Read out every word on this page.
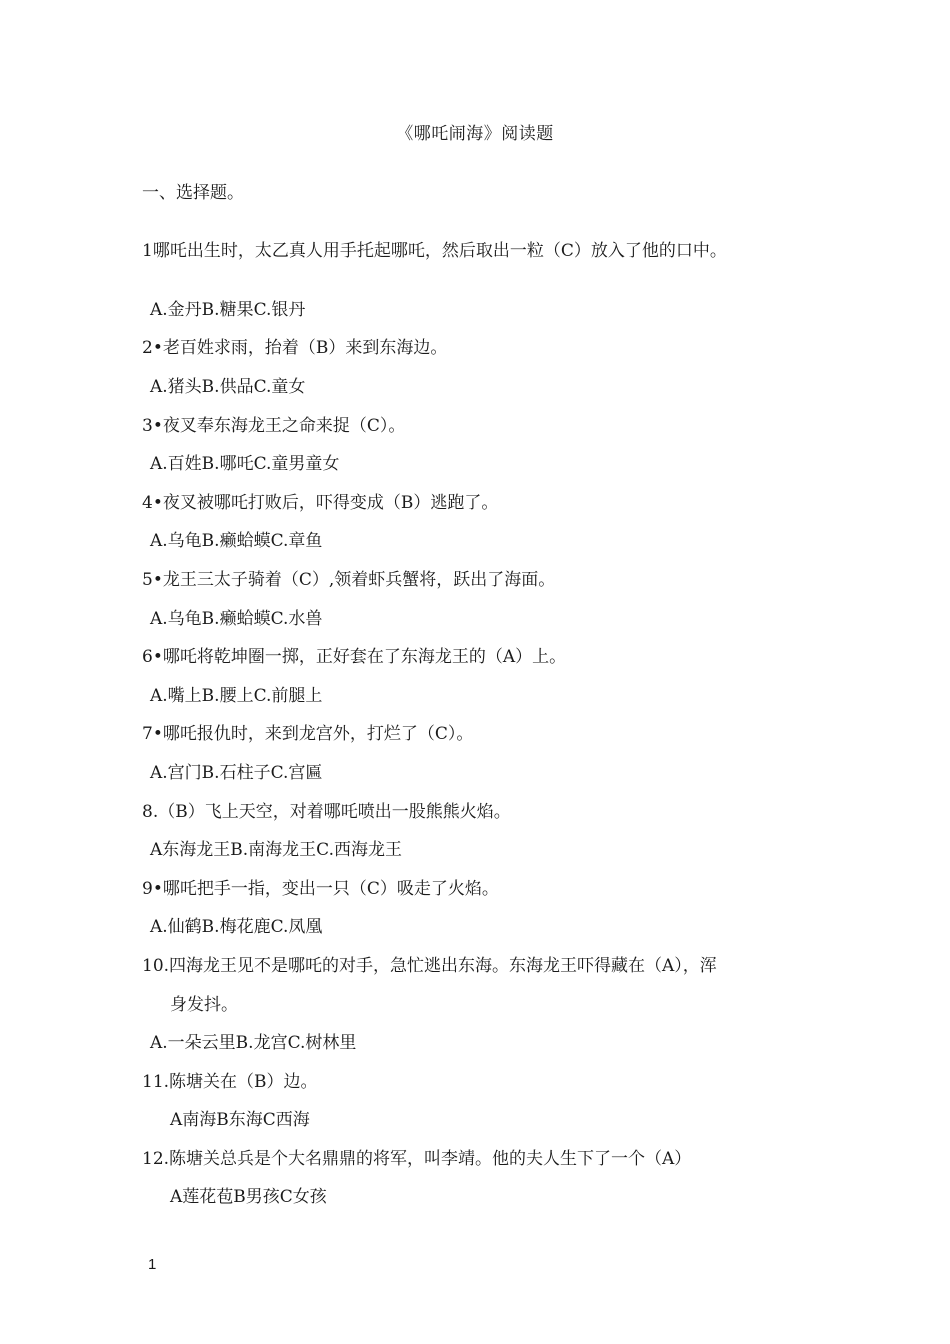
《哪吒闹海》阅读题
一、选择题。
1哪吒出生时，太乙真人用手托起哪吒，然后取出一粒（C）放入了他的口中。
A.金丹B.糖果C.银丹
2•老百姓求雨，抬着（B）来到东海边。
A.猪头B.供品C.童女
3•夜叉奉东海龙王之命来捉（C）。
A.百姓B.哪吒C.童男童女
4•夜叉被哪吒打败后，吓得变成（B）逃跑了。
A.乌龟B.癞蛤蟆C.章鱼
5•龙王三太子骑着（C）,领着虾兵蟹将，跃出了海面。
A.乌龟B.癞蛤蟆C.水兽
6•哪吒将乾坤圈一掷，正好套在了东海龙王的（A）上。
A.嘴上B.腰上C.前腿上
7•哪吒报仇时，来到龙宫外，打烂了（C）。
A.宫门B.石柱子C.宫匾
8.（B）飞上天空，对着哪吒喷出一股熊熊火焰。
A东海龙王B.南海龙王C.西海龙王
9•哪吒把手一指，变出一只（C）吸走了火焰。
A.仙鹤B.梅花鹿C.凤凰
10.四海龙王见不是哪吒的对手，急忙逃出东海。东海龙王吓得藏在（A），浑
身发抖。
A.一朵云里B.龙宫C.树林里
11.陈塘关在（B）边。
A南海B东海C西海
12.陈塘关总兵是个大名鼎鼎的将军，叫李靖。他的夫人生下了一个（A）
A莲花苞B男孩C女孩
1
